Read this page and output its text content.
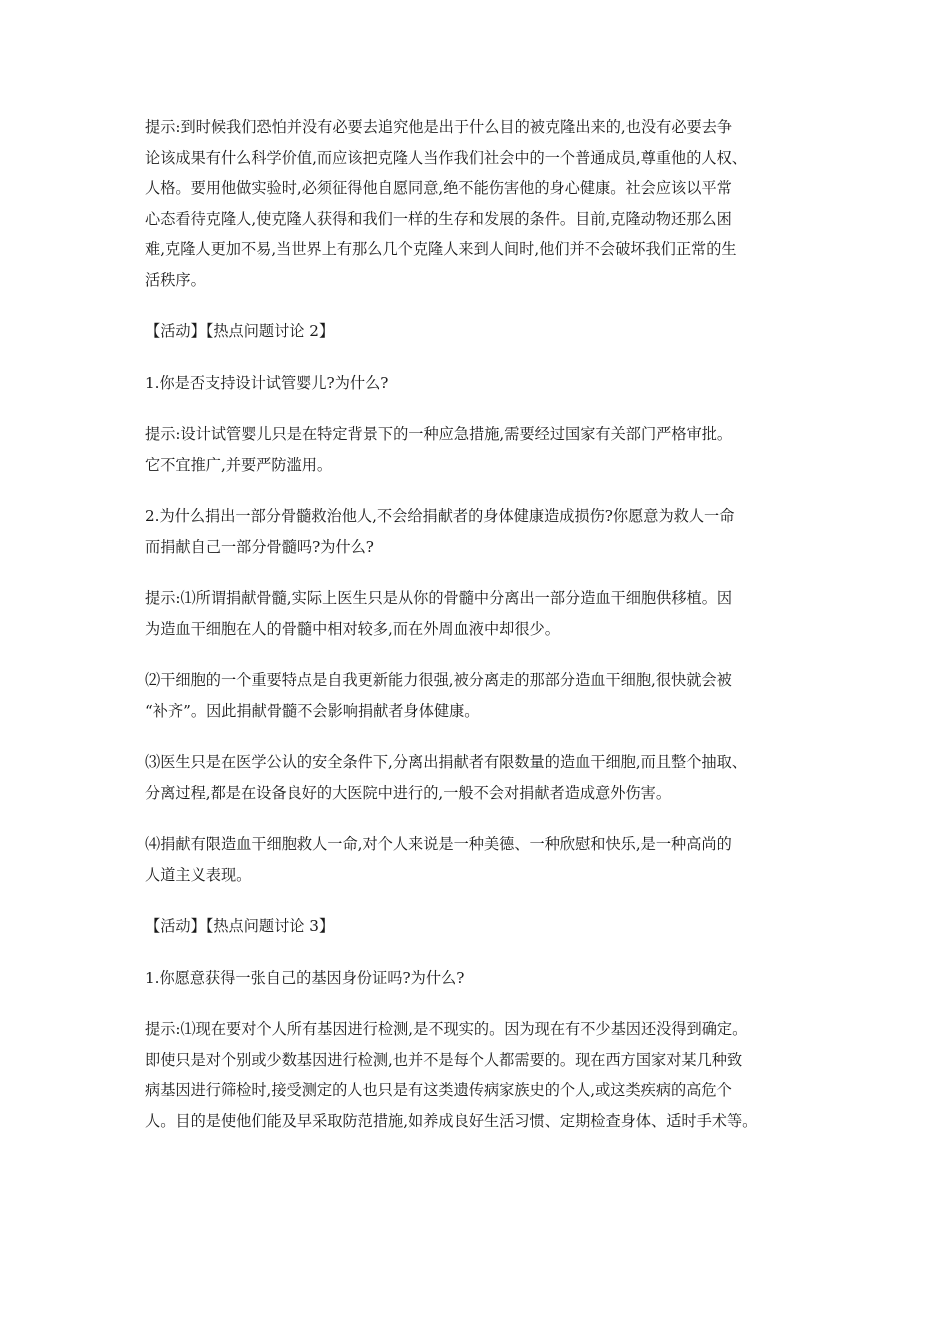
提示:到时候我们恐怕并没有必要去追究他是出于什么目的被克隆出来的,也没有必要去争
论该成果有什么科学价值,而应该把克隆人当作我们社会中的一个普通成员,尊重他的人权、
人格。要用他做实验时,必须征得他自愿同意,绝不能伤害他的身心健康。社会应该以平常
心态看待克隆人,使克隆人获得和我们一样的生存和发展的条件。目前,克隆动物还那么困
难,克隆人更加不易,当世界上有那么几个克隆人来到人间时,他们并不会破坏我们正常的生
活秩序。
【活动】【热点问题讨论 2】
1.你是否支持设计试管婴儿?为什么?
提示:设计试管婴儿只是在特定背景下的一种应急措施,需要经过国家有关部门严格审批。
它不宜推广,并要严防滥用。
2.为什么捐出一部分骨髓救治他人,不会给捐献者的身体健康造成损伤?你愿意为救人一命
而捐献自己一部分骨髓吗?为什么?
提示:⑴所谓捐献骨髓,实际上医生只是从你的骨髓中分离出一部分造血干细胞供移植。因
为造血干细胞在人的骨髓中相对较多,而在外周血液中却很少。
⑵干细胞的一个重要特点是自我更新能力很强,被分离走的那部分造血干细胞,很快就会被
“补齐”。因此捐献骨髓不会影响捐献者身体健康。
⑶医生只是在医学公认的安全条件下,分离出捐献者有限数量的造血干细胞,而且整个抽取、
分离过程,都是在设备良好的大医院中进行的,一般不会对捐献者造成意外伤害。
⑷捐献有限造血干细胞救人一命,对个人来说是一种美德、一种欣慰和快乐,是一种高尚的
人道主义表现。
【活动】【热点问题讨论 3】
1.你愿意获得一张自己的基因身份证吗?为什么?
提示:⑴现在要对个人所有基因进行检测,是不现实的。因为现在有不少基因还没得到确定。
即使只是对个别或少数基因进行检测,也并不是每个人都需要的。现在西方国家对某几种致
病基因进行筛检时,接受测定的人也只是有这类遗传病家族史的个人,或这类疾病的高危个
人。目的是使他们能及早采取防范措施,如养成良好生活习惯、定期检查身体、适时手术等。
